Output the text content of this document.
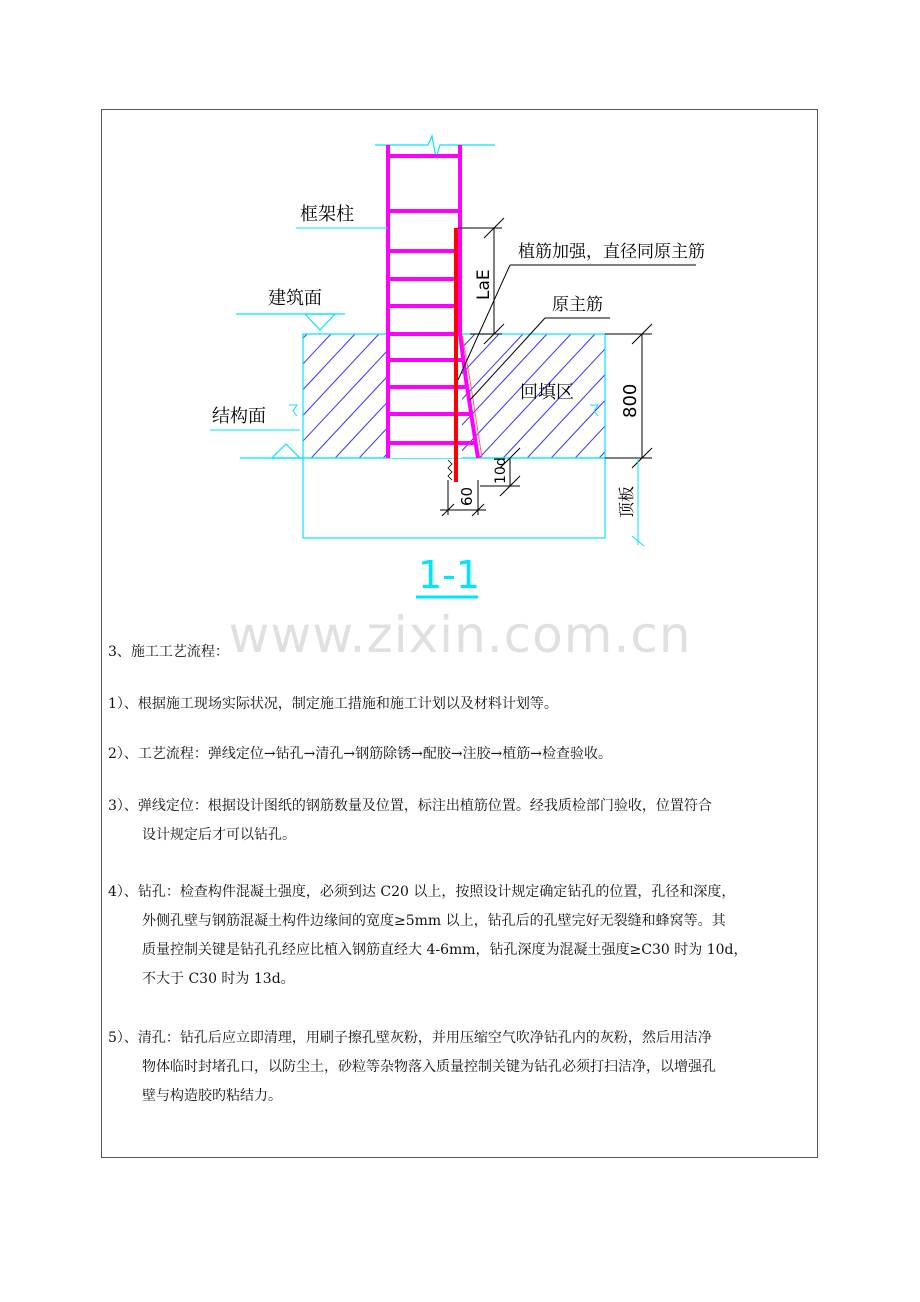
框架柱
建筑面
结构面
植筋加强，直径同原主筋
原主筋
回填区
LaE
800
10d
60	顶板
1-1
www.zixin.com.cn
3、施工工艺流程：
1）、根据施工现场实际状况，制定施工措施和施工计划以及材料计划等。
2）、工艺流程：弹线定位→钻孔→清孔→钢筋除锈→配胶→注胶→植筋→检查验收。
3）、弹线定位：根据设计图纸的钢筋数量及位置，标注出植筋位置。经我质检部门验收，位置符合
设计规定后才可以钻孔。
4）、钻孔：检查构件混凝土强度，必须到达 C20 以上，按照设计规定确定钻孔的位置，孔径和深度，
外侧孔壁与钢筋混凝土构件边缘间的宽度≥5mm 以上，钻孔后的孔壁完好无裂缝和蜂窝等。其
质量控制关键是钻孔孔经应比植入钢筋直经大 4-6mm，钻孔深度为混凝土强度≥C30 时为 10d，
不大于 C30 时为 13d。
5）、清孔：钻孔后应立即清理，用刷子擦孔壁灰粉，并用压缩空气吹净钻孔内的灰粉，然后用洁净
物体临时封堵孔口，以防尘土，砂粒等杂物落入质量控制关键为钻孔必须打扫洁净，以增强孔
壁与构造胶旳粘结力。
